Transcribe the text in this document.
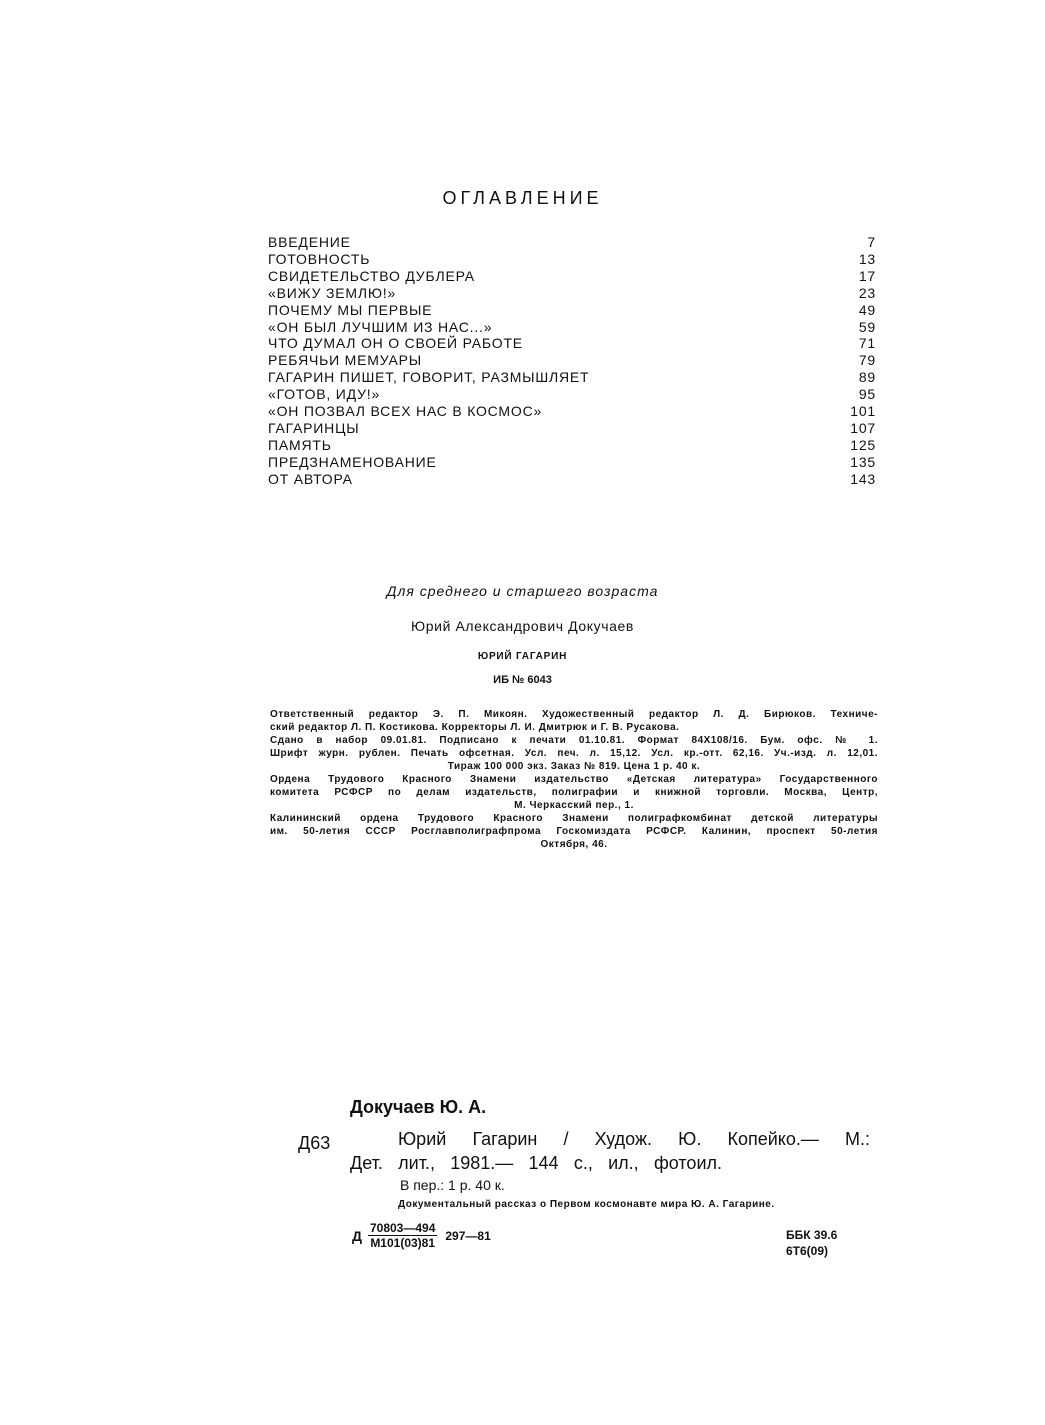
ОГЛАВЛЕНИЕ
ВВЕДЕНИЕ	7
ГОТОВНОСТЬ	13
СВИДЕТЕЛЬСТВО ДУБЛЕРА	17
«ВИЖУ ЗЕМЛЮ!»	23
ПОЧЕМУ МЫ ПЕРВЫЕ	49
«ОН БЫЛ ЛУЧШИМ ИЗ НАС...»	59
ЧТО ДУМАЛ ОН О СВОЕЙ РАБОТЕ	71
РЕБЯЧЬИ МЕМУАРЫ	79
ГАГАРИН ПИШЕТ, ГОВОРИТ, РАЗМЫШЛЯЕТ	89
«ГОТОВ, ИДУ!»	95
«ОН ПОЗВАЛ ВСЕХ НАС В КОСМОС»	101
ГАГАРИНЦЫ	107
ПАМЯТЬ	125
ПРЕДЗНАМЕНОВАНИЕ	135
ОТ АВТОРА	143

Для среднего и старшего возраста

Юрий Александрович Докучаев

ЮРИЙ ГАГАРИН

ИБ № 6043

Ответственный редактор Э. П. Микоян. Художественный редактор Л. Д. Бирюков. Техниче-

ский редактор Л. П. Костикова. Корректоры Л. И. Дмитрюк и Г. В. Русакова.

Сдано в набор 09.01.81. Подписано к печати 01.10.81. Формат 84Х108/16. Бум. офс. № 1.

Шрифт журн. рублен. Печать офсетная. Усл. печ. л. 15,12. Усл. кр.-отт. 62,16. Уч.-изд. л. 12,01.

Тираж 100 000 экз. Заказ № 819. Цена 1 р. 40 к.

Ордена Трудового Красного Знамени издательство «Детская литература» Государственного

комитета РСФСР по делам издательств, полиграфии и книжной торговли. Москва, Центр,

М. Черкасский пер., 1.

Калининский ордена Трудового Красного Знамени полиграфкомбинат детской литературы

им. 50-летия СССР Росглавполиграфпрома Госкомиздата РСФСР. Калинин, проспект 50-летия

Октября, 46.

Докучаев Ю. А.

Д63	Юрий Гагарин / Худож. Ю. Копейко.— М.:

Дет. лит., 1981.— 144 с., ил., фотоил.

В пер.: 1 р. 40 к.
Документальный рассказ о Первом космонавте мира Ю. А. Гагарине.
Д $\frac{70803—494}{М101(03)81}$ 297—81	ББК 39.6

6Т6(09)
